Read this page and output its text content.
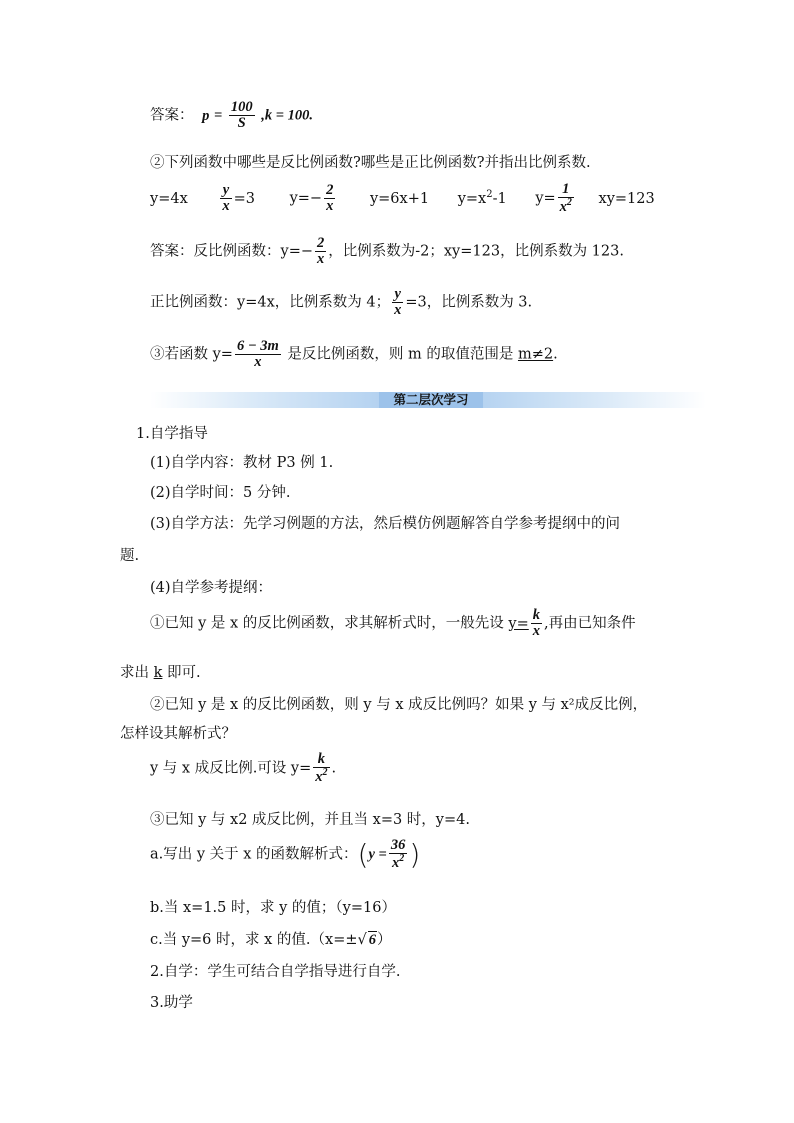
答案： $p = \frac{100}{S} ,k = 100$.
②下列函数中哪些是反比例函数?哪些是正比例函数?并指出比例系数.
$y=4x \frac{y}{x} =3$ $y=- \frac{2}{x} y=6x+1$ $y=x^2-1$ $y= \frac{1}{x^2} xy=123$
答案：反比例函数：$y=- \frac{2}{x}$ ，比例系数为-2；xy=123，比例系数为 123.
正比例函数：y=4x，比例系数为 4； $\frac{y}{x} =3$，比例系数为 3.
③若函数 $y= \frac{6 - 3m}{x}$ 是反比例函数，则 m 的取值范围是 m≠2.
第二层次学习
1.自学指导
(1)自学内容：教材 P3 例 1.
(2)自学时间：5 分钟.
(3)自学方法：先学习例题的方法，然后模仿例题解答自学参考提纲中的问
题.
(4)自学参考提纲：
①已知 y 是 x 的反比例函数，求其解析式时，一般先设 $y= \frac{k}{x}$ ,再由已知条件
求出 k 即可.
②已知 y 是 x 的反比例函数，则 y 与 x 成反比例吗？如果 y 与 x²成反比例，
怎样设其解析式？
y 与 x 成反比例.可设 $y= \frac{k}{x^2}$ .
③已知 y 与 x2 成反比例，并且当 x=3 时，y=4.
a.写出 y 关于 x 的函数解析式：($y = \frac{36}{x^2}$ )
b.当 x=1.5 时，求 y 的值；（y=16）
c.当 y=6 时，求 x 的值.（x=±√ 6）
2.自学：学生可结合自学指导进行自学.
3.助学
